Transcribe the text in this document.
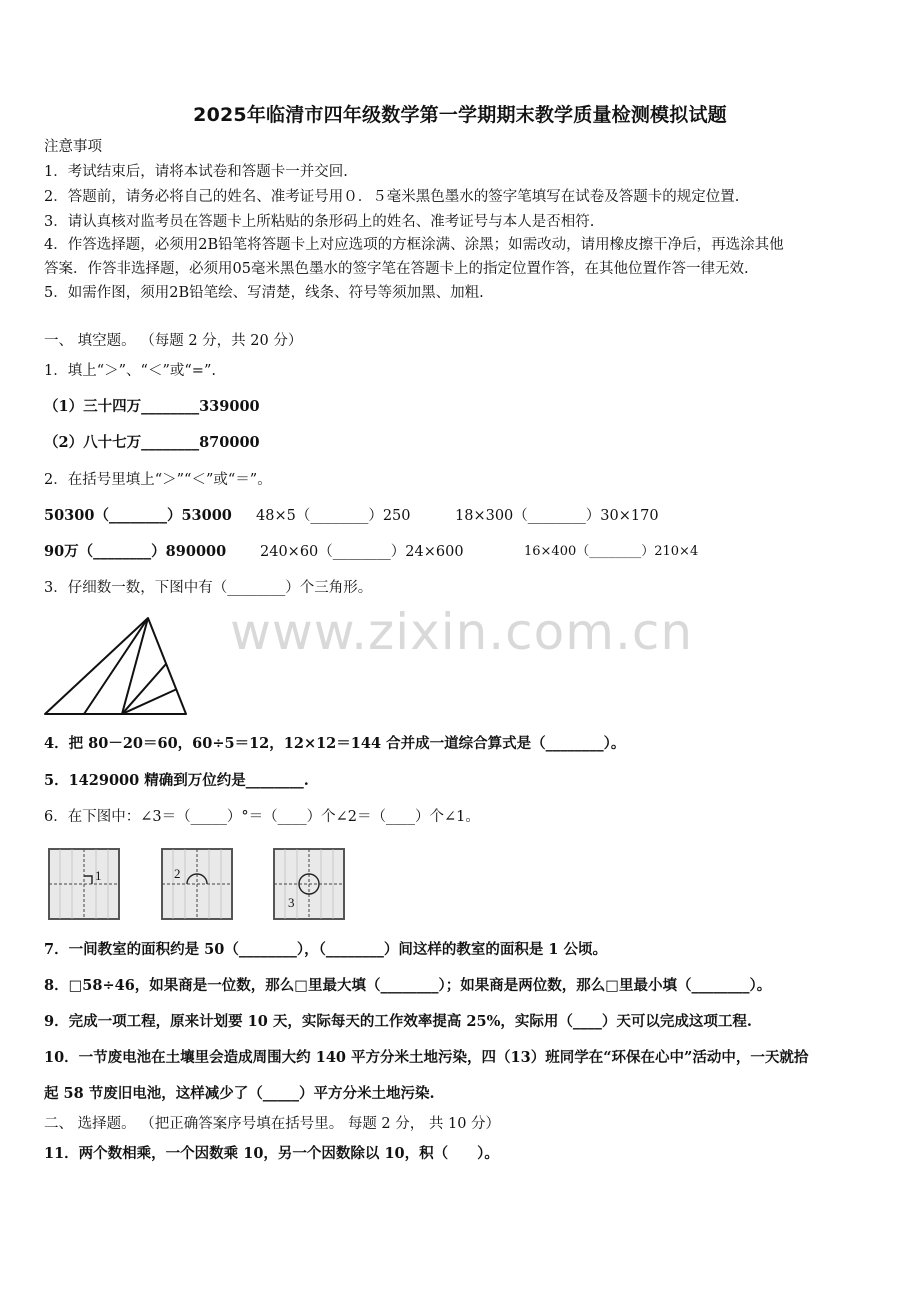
2025年临清市四年级数学第一学期期末教学质量检测模拟试题
注意事项
1．考试结束后，请将本试卷和答题卡一并交回.
2．答题前，请务必将自己的姓名、准考证号用０．５毫米黑色墨水的签字笔填写在试卷及答题卡的规定位置.
3．请认真核对监考员在答题卡上所粘贴的条形码上的姓名、准考证号与本人是否相符.
4．作答选择题，必须用2B铅笔将答题卡上对应选项的方框涂满、涂黑；如需改动，请用橡皮擦干净后，再选涂其他
答案．作答非选择题，必须用05毫米黑色墨水的签字笔在答题卡上的指定位置作答，在其他位置作答一律无效.
5．如需作图，须用2B铅笔绘、写清楚，线条、符号等须加黑、加粗.
一、 填空题。 （每题 2 分，共 20 分）
1．填上“＞”、“＜”或“=”.
（1）三十四万________339000
（2）八十七万________870000
2．在括号里填上“＞”“＜”或“＝”。
50300（________）53000 48×5（________）250	18×300（________）30×170
90万（________）890000 240×60（________）24×600	16×400（________）210×4
3．仔细数一数，下图中有（________）个三角形。
www.zixin.com.cn
4．把 80－20＝60，60÷5＝12，12×12＝144 合并成一道综合算式是（________）。
5．1429000 精确到万位约是________.
6．在下图中：∠3＝（_____）°＝（____）个∠2＝（____）个∠1。
1	2
3
7．一间教室的面积约是 50（________），（________）间这样的教室的面积是 1 公顷。
8．□58÷46，如果商是一位数，那么□里最大填（________）；如果商是两位数，那么□里最小填（________）。
9．完成一项工程，原来计划要 10 天，实际每天的工作效率提高 25%，实际用（____）天可以完成这项工程.
10．一节废电池在土壤里会造成周围大约 140 平方分米土地污染，四（13）班同学在“环保在心中”活动中，一天就拾
起 58 节废旧电池，这样减少了（_____）平方分米土地污染.
二、 选择题。 （把正确答案序号填在括号里。 每题 2 分， 共 10 分）
11．两个数相乘，一个因数乘 10，另一个因数除以 10，积（　　）。
